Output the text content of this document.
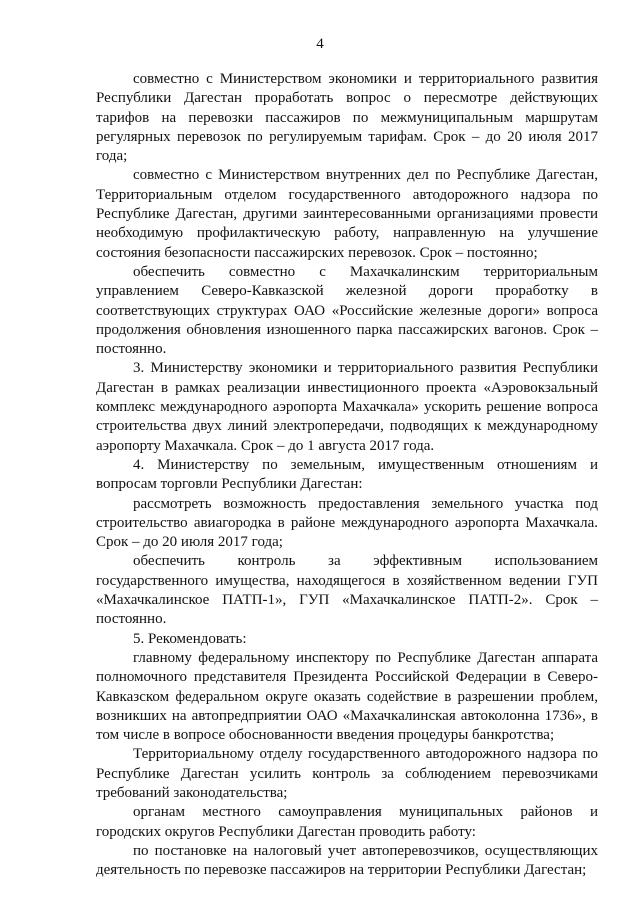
4

совместно с Министерством экономики и территориального развития Республики Дагестан проработать вопрос о пересмотре действующих тарифов на перевозки пассажиров по межмуниципальным маршрутам регулярных перевозок по регулируемым тарифам. Срок – до 20 июля 2017 года;

совместно с Министерством внутренних дел по Республике Дагестан, Территориальным отделом государственного автодорожного надзора по Республике Дагестан, другими заинтересованными организациями провести необходимую профилактическую работу, направленную на улучшение состояния безопасности пассажирских перевозок. Срок – постоянно;

обеспечить совместно с Махачкалинским территориальным управлением Северо-Кавказской железной дороги проработку в соответствующих структурах ОАО «Российские железные дороги» вопроса продолжения обновления изношенного парка пассажирских вагонов. Срок – постоянно.

3. Министерству экономики и территориального развития Республики Дагестан в рамках реализации инвестиционного проекта «Аэровокзальный комплекс международного аэропорта Махачкала» ускорить решение вопроса строительства двух линий электропередачи, подводящих к международному аэропорту Махачкала. Срок – до 1 августа 2017 года.

4. Министерству по земельным, имущественным отношениям и вопросам торговли Республики Дагестан:

рассмотреть возможность предоставления земельного участка под строительство авиагородка в районе международного аэропорта Махачкала. Срок – до 20 июля 2017 года;

обеспечить контроль за эффективным использованием государственного имущества, находящегося в хозяйственном ведении ГУП «Махачкалинское ПАТП-1», ГУП «Махачкалинское ПАТП-2». Срок – постоянно.

5. Рекомендовать:

главному федеральному инспектору по Республике Дагестан аппарата полномочного представителя Президента Российской Федерации в Северо-Кавказском федеральном округе оказать содействие в разрешении проблем, возникших на автопредприятии ОАО «Махачкалинская автоколонна 1736», в том числе в вопросе обоснованности введения процедуры банкротства;

Территориальному отделу государственного автодорожного надзора по Республике Дагестан усилить контроль за соблюдением перевозчиками требований законодательства;

органам местного самоуправления муниципальных районов и городских округов Республики Дагестан проводить работу:

по постановке на налоговый учет автоперевозчиков, осуществляющих деятельность по перевозке пассажиров на территории Республики Дагестан;
